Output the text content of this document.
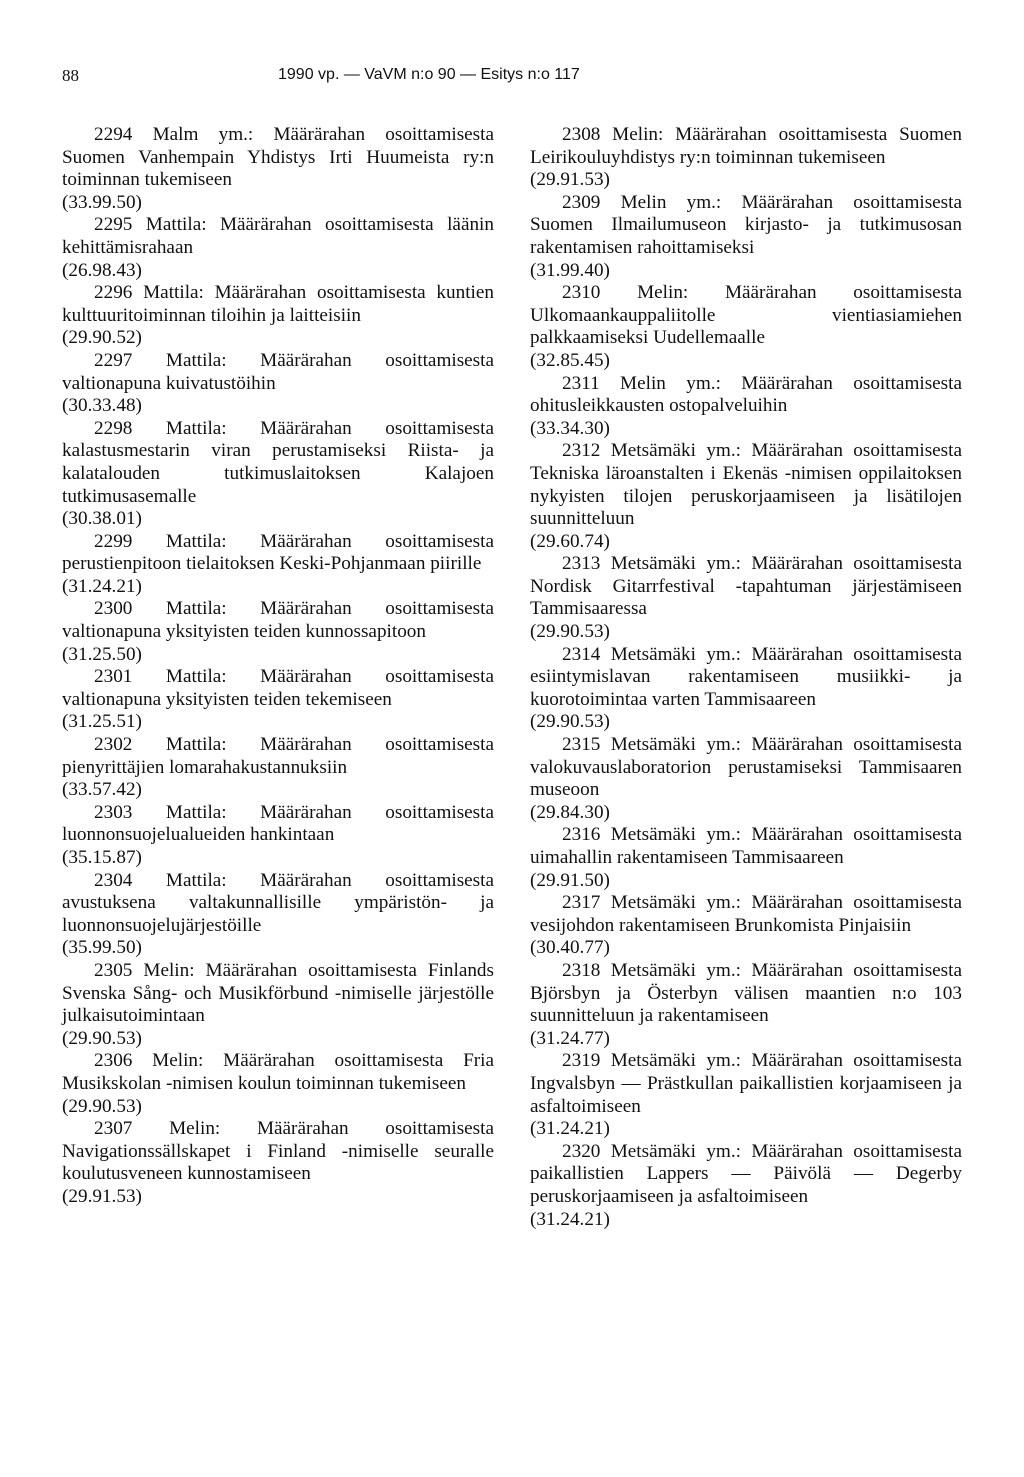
88	1990 vp. — VaVM n:o 90 — Esitys n:o 117

2294 Malm ym.: Määrärahan osoittamisesta Suomen Vanhempain Yhdistys Irti Huumeista ry:n toiminnan tukemiseen

(33.99.50)

2295 Mattila: Määrärahan osoittamisesta läänin kehittämisrahaan

(26.98.43)

2296 Mattila: Määrärahan osoittamisesta kuntien kulttuuritoiminnan tiloihin ja laitteisiin

(29.90.52)

2297 Mattila: Määrärahan osoittamisesta valtionapuna kuivatustöihin

(30.33.48)

2298 Mattila: Määrärahan osoittamisesta kalastusmestarin viran perustamiseksi Riista- ja kalatalouden tutkimuslaitoksen Kalajoen tutkimusasemalle

(30.38.01)

2299 Mattila: Määrärahan osoittamisesta perustienpitoon tielaitoksen Keski-Pohjanmaan piirille

(31.24.21)

2300 Mattila: Määrärahan osoittamisesta valtionapuna yksityisten teiden kunnossapitoon

(31.25.50)

2301 Mattila: Määrärahan osoittamisesta valtionapuna yksityisten teiden tekemiseen

(31.25.51)

2302 Mattila: Määrärahan osoittamisesta pienyrittäjien lomarahakustannuksiin

(33.57.42)

2303 Mattila: Määrärahan osoittamisesta luonnonsuojelualueiden hankintaan

(35.15.87)

2304 Mattila: Määrärahan osoittamisesta avustuksena valtakunnallisille ympäristön- ja luonnonsuojelujärjestöille

(35.99.50)

2305 Melin: Määrärahan osoittamisesta Finlands Svenska Sång- och Musikförbund -nimiselle järjestölle julkaisutoimintaan

(29.90.53)

2306 Melin: Määrärahan osoittamisesta Fria Musikskolan -nimisen koulun toiminnan tukemiseen

(29.90.53)

2307 Melin: Määrärahan osoittamisesta Navigationssällskapet i Finland -nimiselle seuralle koulutusveneen kunnostamiseen

(29.91.53)

2308 Melin: Määrärahan osoittamisesta Suomen Leirikouluyhdistys ry:n toiminnan tukemiseen

(29.91.53)

2309 Melin ym.: Määrärahan osoittamisesta Suomen Ilmailumuseon kirjasto- ja tutkimusosan rakentamisen rahoittamiseksi

(31.99.40)

2310 Melin: Määrärahan osoittamisesta Ulkomaankauppaliitolle vientiasiamiehen palkkaamiseksi Uudellemaalle

(32.85.45)

2311 Melin ym.: Määrärahan osoittamisesta ohitusleikkausten ostopalveluihin

(33.34.30)

2312 Metsämäki ym.: Määrärahan osoittamisesta Tekniska läroanstalten i Ekenäs -nimisen oppilaitoksen nykyisten tilojen peruskorjaamiseen ja lisätilojen suunnitteluun

(29.60.74)

2313 Metsämäki ym.: Määrärahan osoittamisesta Nordisk Gitarrfestival -tapahtuman järjestämiseen Tammisaaressa

(29.90.53)

2314 Metsämäki ym.: Määrärahan osoittamisesta esiintymislavan rakentamiseen musiikki- ja kuorotoimintaa varten Tammisaareen

(29.90.53)

2315 Metsämäki ym.: Määrärahan osoittamisesta valokuvauslaboratorion perustamiseksi Tammisaaren museoon

(29.84.30)

2316 Metsämäki ym.: Määrärahan osoittamisesta uimahallin rakentamiseen Tammisaareen

(29.91.50)

2317 Metsämäki ym.: Määrärahan osoittamisesta vesijohdon rakentamiseen Brunkomista Pinjaisiin

(30.40.77)

2318 Metsämäki ym.: Määrärahan osoittamisesta Björsbyn ja Österbyn välisen maantien n:o 103 suunnitteluun ja rakentamiseen

(31.24.77)

2319 Metsämäki ym.: Määrärahan osoittamisesta Ingvalsbyn — Prästkullan paikallistien korjaamiseen ja asfaltoimiseen

(31.24.21)

2320 Metsämäki ym.: Määrärahan osoittamisesta paikallistien Lappers — Päivölä — Degerby peruskorjaamiseen ja asfaltoimiseen

(31.24.21)
